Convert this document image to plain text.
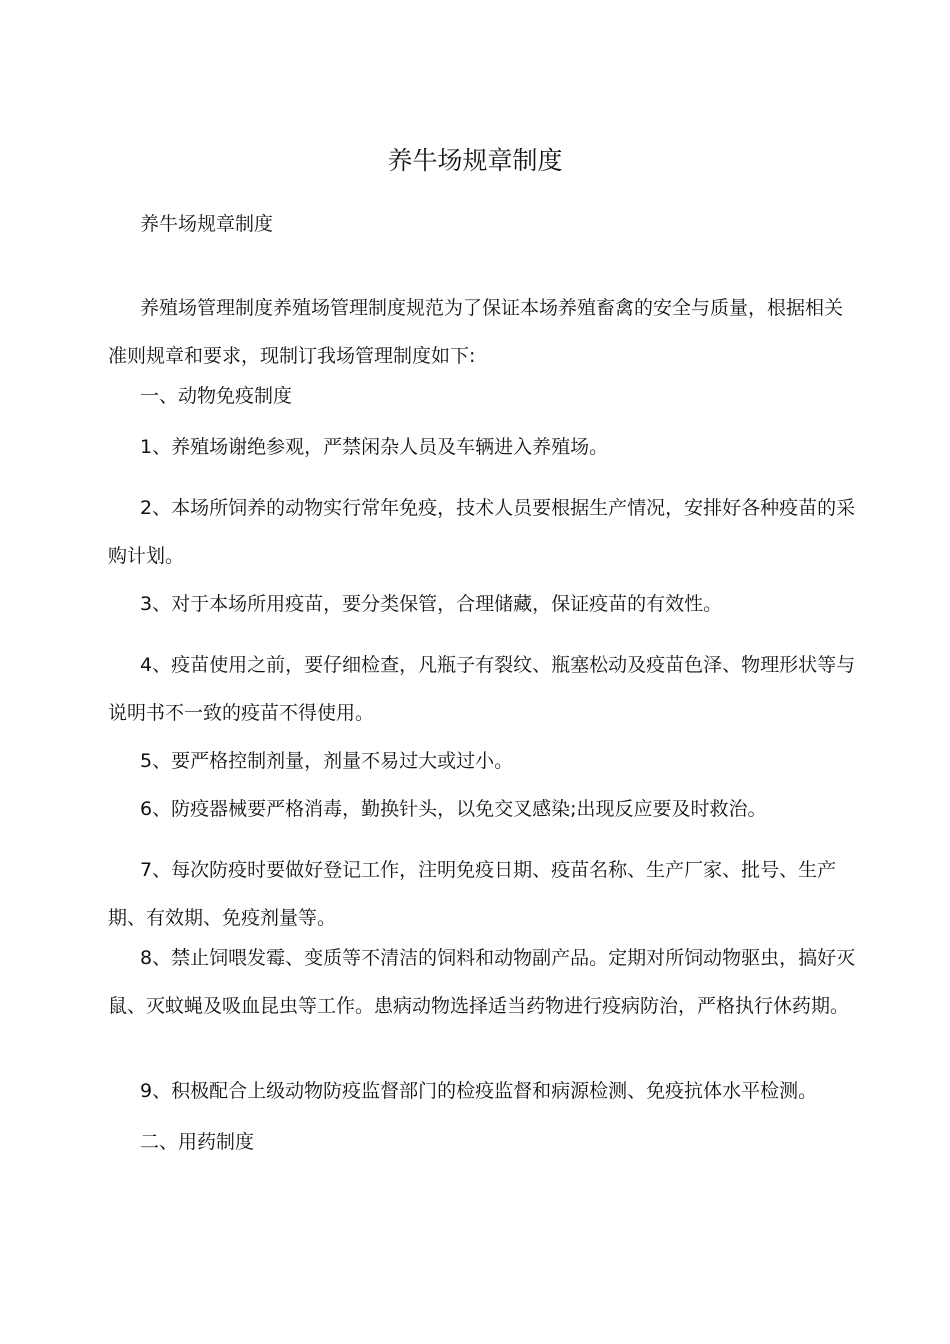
养牛场规章制度

养牛场规章制度

养殖场管理制度养殖场管理制度规范为了保证本场养殖畜禽的安全与质量，根据相关准则规章和要求，现制订我场管理制度如下:

一、动物免疫制度

1、养殖场谢绝参观，严禁闲杂人员及车辆进入养殖场。

2、本场所饲养的动物实行常年免疫，技术人员要根据生产情况，安排好各种疫苗的采购计划。

3、对于本场所用疫苗，要分类保管，合理储藏，保证疫苗的有效性。

4、疫苗使用之前，要仔细检查，凡瓶子有裂纹、瓶塞松动及疫苗色泽、物理形状等与说明书不一致的疫苗不得使用。

5、要严格控制剂量，剂量不易过大或过小。

6、防疫器械要严格消毒，勤换针头，以免交叉感染;出现反应要及时救治。

7、每次防疫时要做好登记工作，注明免疫日期、疫苗名称、生产厂家、批号、生产期、有效期、免疫剂量等。

8、禁止饲喂发霉、变质等不清洁的饲料和动物副产品。定期对所饲动物驱虫，搞好灭鼠、灭蚊蝇及吸血昆虫等工作。患病动物选择适当药物进行疫病防治，严格执行休药期。

9、积极配合上级动物防疫监督部门的检疫监督和病源检测、免疫抗体水平检测。

二、用药制度
